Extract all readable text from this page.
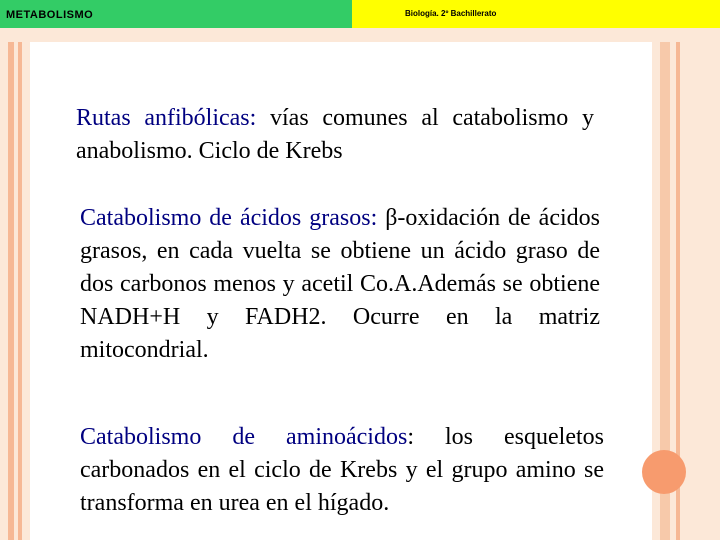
METABOLISMO	Biología. 2º Bachillerato
Rutas anfibólicas: vías comunes al catabolismo y anabolismo. Ciclo de Krebs
Catabolismo de ácidos grasos: β-oxidación de ácidos grasos, en cada vuelta se obtiene un ácido graso de dos carbonos menos y acetil Co.A.Además se obtiene NADH+H y FADH2. Ocurre en la matriz mitocondrial.
Catabolismo de aminoácidos: los esqueletos carbonados en el ciclo de Krebs y el grupo amino se transforma en urea en el hígado.
